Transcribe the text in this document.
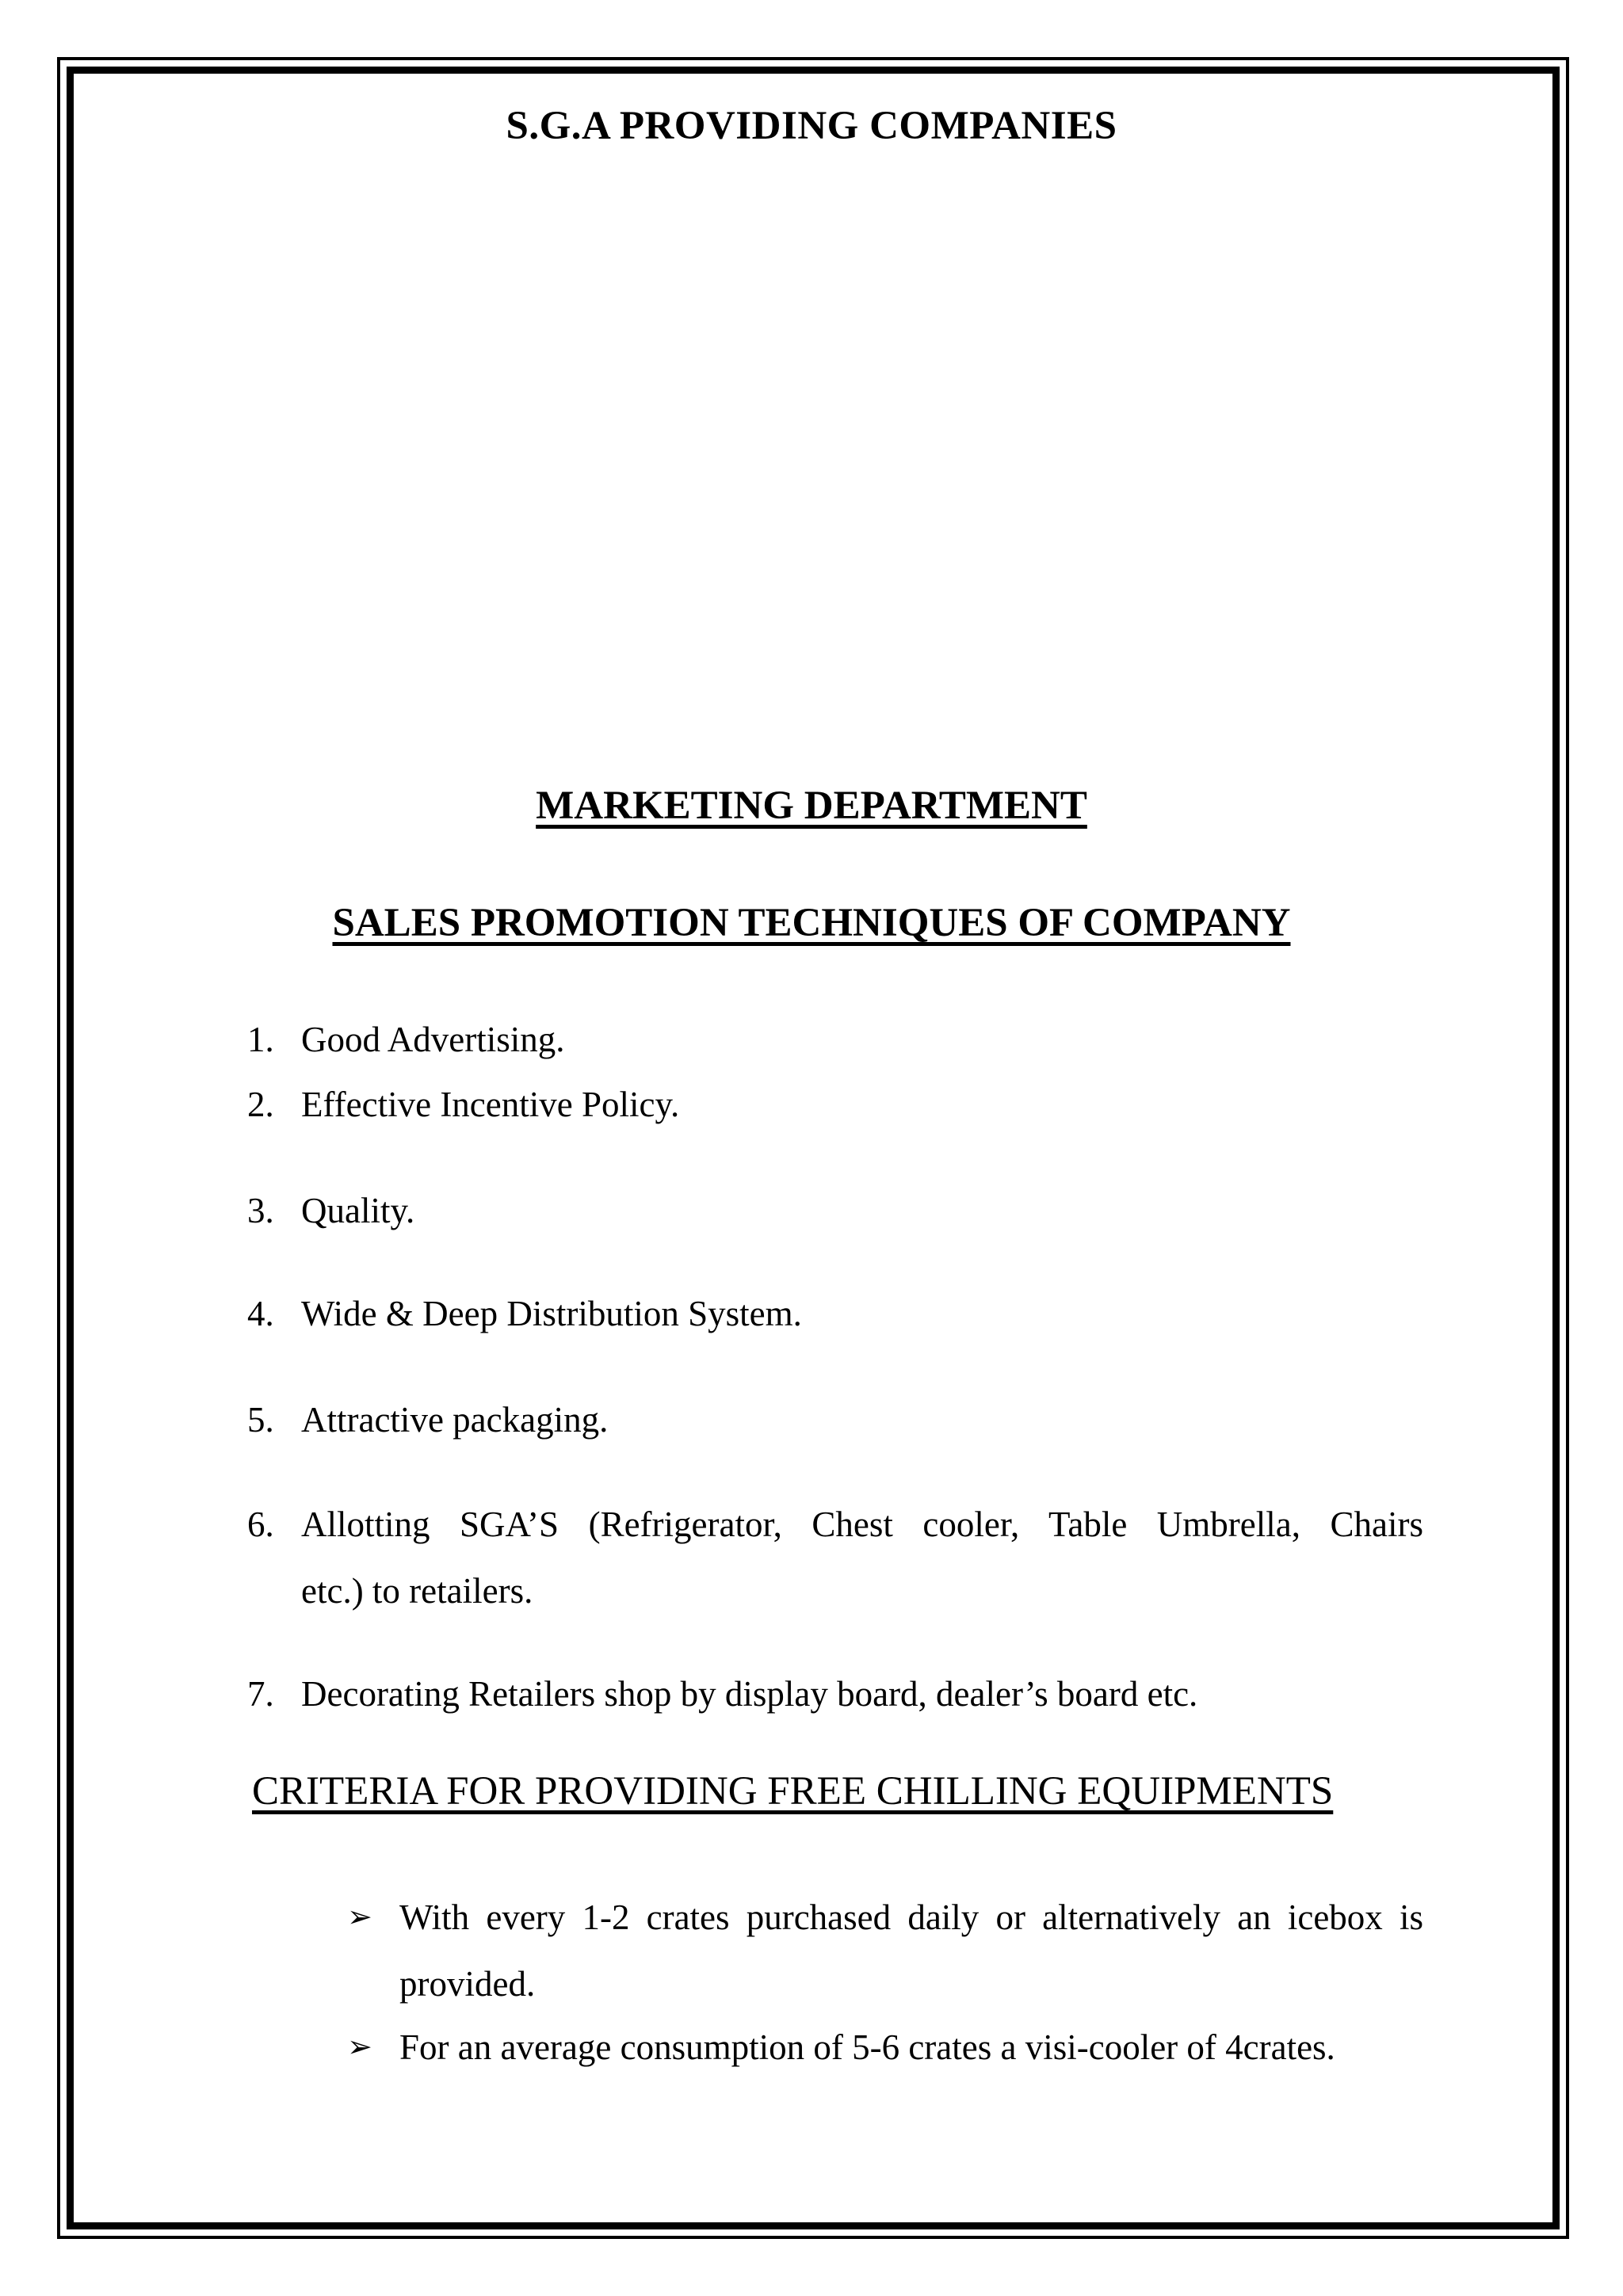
S.G.A PROVIDING COMPANIES
MARKETING DEPARTMENT
SALES PROMOTION TECHNIQUES OF COMPANY
1. Good Advertising.
2. Effective Incentive Policy.
3. Quality.
4. Wide & Deep Distribution System.
5. Attractive packaging.
6. Allotting SGA’S (Refrigerator, Chest cooler, Table Umbrella, Chairs
etc.) to retailers.
7. Decorating Retailers shop by display board, dealer’s board etc.
CRITERIA FOR PROVIDING FREE CHILLING EQUIPMENTS
➢ With every 1-2 crates purchased daily or alternatively an icebox is
provided.
➢ For an average consumption of 5-6 crates a visi-cooler of 4crates.
